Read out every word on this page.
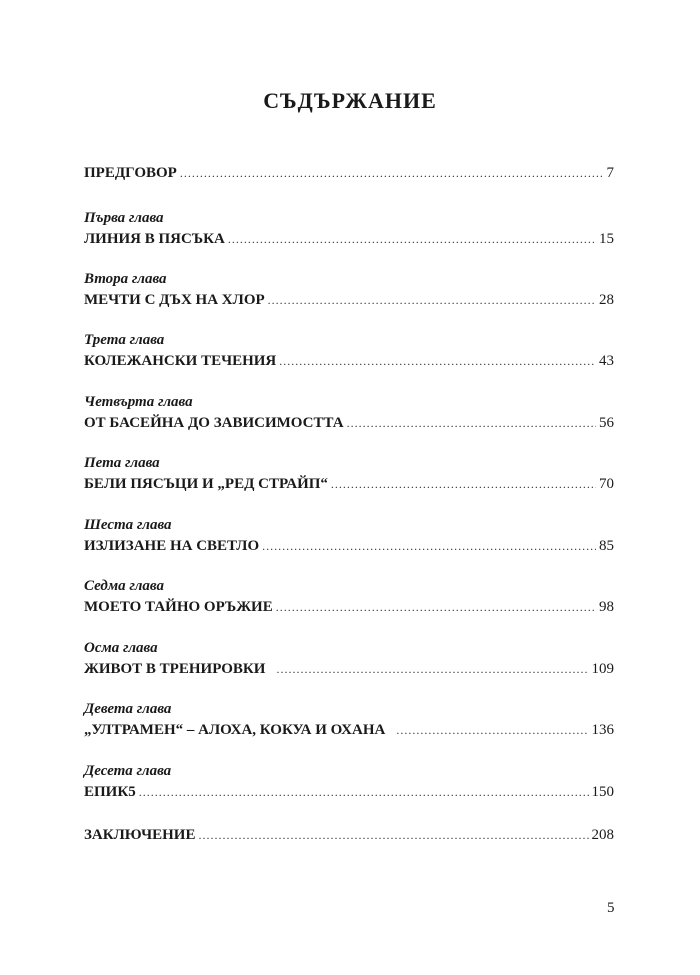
СЪДЪРЖАНИЕ
ПРЕДГОВОР .....	7
Първа глава
ЛИНИЯ В ПЯСЪКА .....	15
Втора глава
МЕЧТИ С ДЪХ НА ХЛОР .....	28
Трета глава
КОЛЕЖАНСКИ ТЕЧЕНИЯ .....	43
Четвърта глава
ОТ БАСЕЙНА ДО ЗАВИСИМОСТТА .....	56
Пета глава
БЕЛИ ПЯСЪЦИ И „РЕД СТРАЙП“ .....	70
Шеста глава
ИЗЛИЗАНЕ НА СВЕТЛО .....	85
Седма глава
МОЕТО ТАЙНО ОРЪЖИЕ .....	98
Осма глава
ЖИВОТ В ТРЕНИРОВКИ .....	109
Девета глава
„УЛТРАМЕН“ – АЛОХА, КОКУА И ОХАНА .....	136
Десета глава
ЕПИК5 .....	150
ЗАКЛЮЧЕНИЕ .....	208
5
